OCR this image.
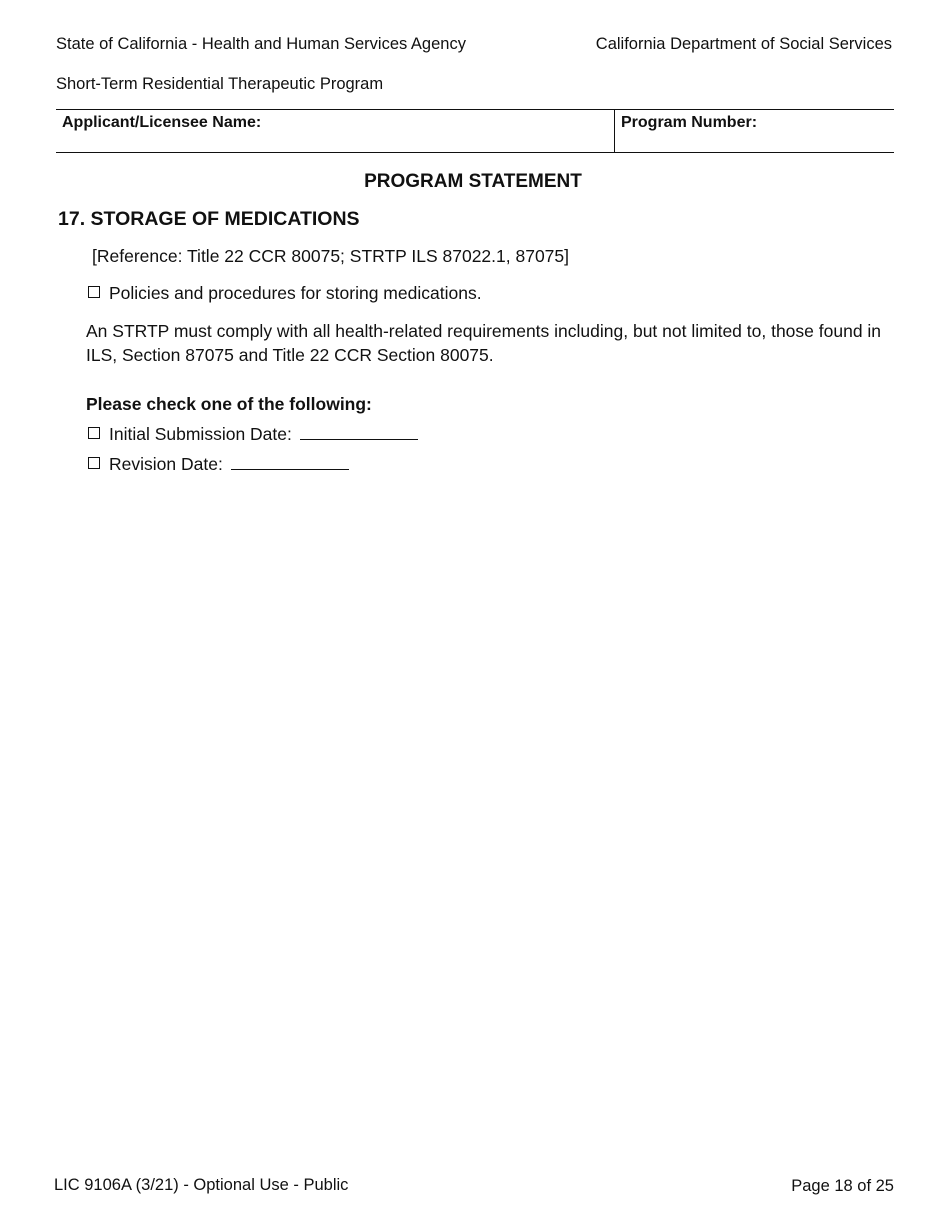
State of California - Health and Human Services Agency	California Department of Social Services
Short-Term Residential Therapeutic Program
Applicant/Licensee Name:	Program Number:
PROGRAM STATEMENT
17. STORAGE OF MEDICATIONS
[Reference: Title 22 CCR 80075; STRTP ILS 87022.1, 87075]
Policies and procedures for storing medications.
An STRTP must comply with all health-related requirements including, but not limited to, those found in ILS, Section 87075 and Title 22 CCR Section 80075.
Please check one of the following:
Initial Submission Date:
Revision Date:
LIC 9106A (3/21) - Optional Use - Public	Page 18 of 25
